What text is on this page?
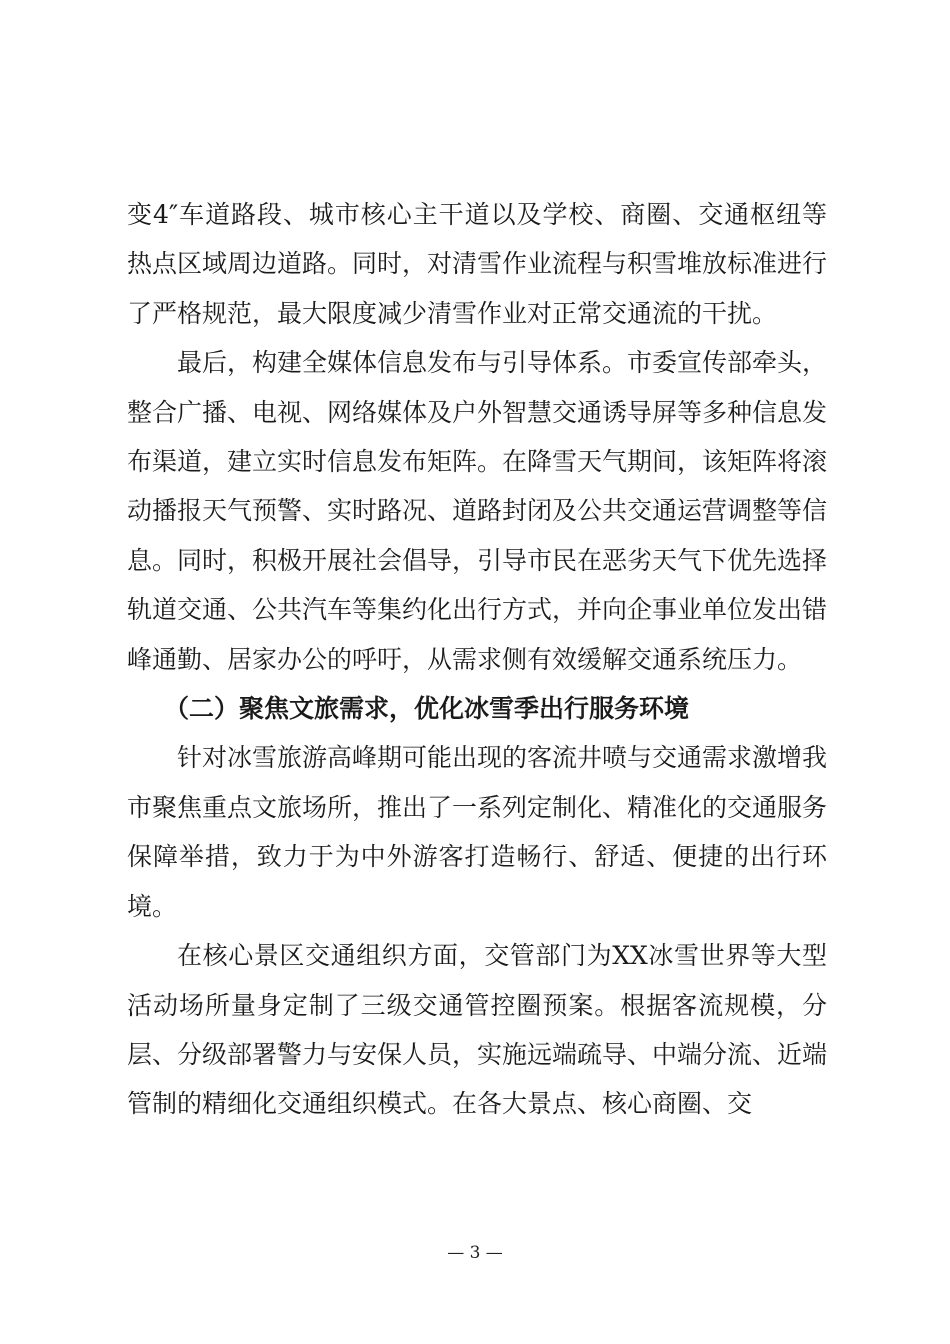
变4″车道路段、城市核心主干道以及学校、商圈、交通枢纽等热点区域周边道路。同时，对清雪作业流程与积雪堆放标准进行了严格规范，最大限度减少清雪作业对正常交通流的干扰。

最后，构建全媒体信息发布与引导体系。市委宣传部牵头，整合广播、电视、网络媒体及户外智慧交通诱导屏等多种信息发布渠道，建立实时信息发布矩阵。在降雪天气期间，该矩阵将滚动播报天气预警、实时路况、道路封闭及公共交通运营调整等信息。同时，积极开展社会倡导，引导市民在恶劣天气下优先选择轨道交通、公共汽车等集约化出行方式，并向企事业单位发出错峰通勤、居家办公的呼吁，从需求侧有效缓解交通系统压力。

（二）聚焦文旅需求，优化冰雪季出行服务环境

针对冰雪旅游高峰期可能出现的客流井喷与交通需求激增我市聚焦重点文旅场所，推出了一系列定制化、精准化的交通服务保障举措，致力于为中外游客打造畅行、舒适、便捷的出行环境。

在核心景区交通组织方面，交管部门为XX冰雪世界等大型活动场所量身定制了三级交通管控圈预案。根据客流规模，分层、分级部署警力与安保人员，实施远端疏导、中端分流、近端管制的精细化交通组织模式。在各大景点、核心商圈、交

— 3 —
